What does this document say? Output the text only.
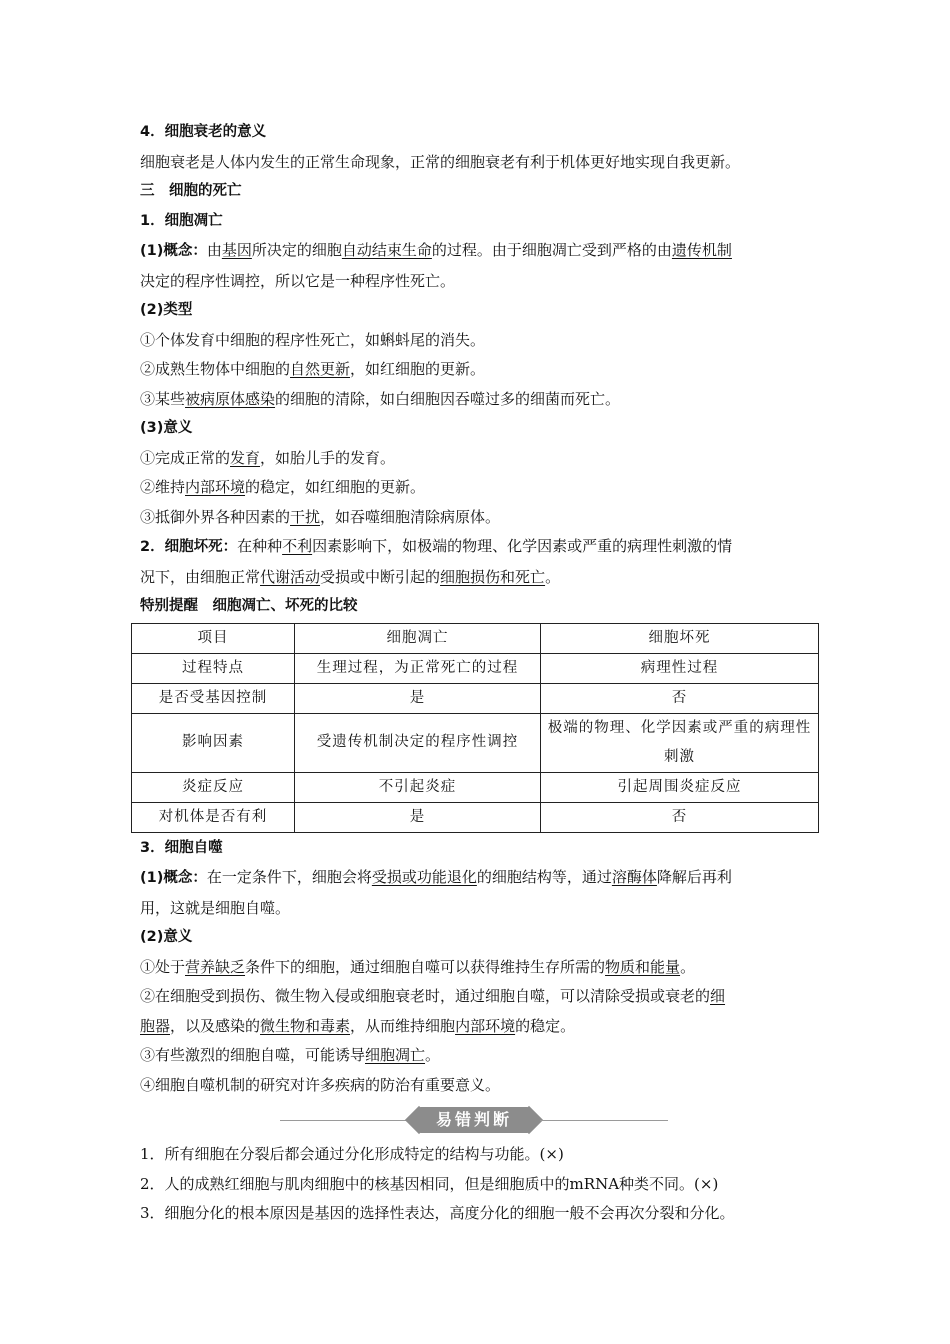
4．细胞衰老的意义
细胞衰老是人体内发生的正常生命现象，正常的细胞衰老有利于机体更好地实现自我更新。
三　细胞的死亡
1．细胞凋亡
(1)概念：由基因所决定的细胞自动结束生命的过程。由于细胞凋亡受到严格的由遗传机制
决定的程序性调控，所以它是一种程序性死亡。
(2)类型
①个体发育中细胞的程序性死亡，如蝌蚪尾的消失。
②成熟生物体中细胞的自然更新，如红细胞的更新。
③某些被病原体感染的细胞的清除，如白细胞因吞噬过多的细菌而死亡。
(3)意义
①完成正常的发育，如胎儿手的发育。
②维持内部环境的稳定，如红细胞的更新。
③抵御外界各种因素的干扰，如吞噬细胞清除病原体。
2．细胞坏死：在种种不利因素影响下，如极端的物理、化学因素或严重的病理性刺激的情
况下，由细胞正常代谢活动受损或中断引起的细胞损伤和死亡。
特别提醒　细胞凋亡、坏死的比较
项目	细胞凋亡	细胞坏死
过程特点	生理过程，为正常死亡的过程	病理性过程
是否受基因控制	是	否
影响因素	受遗传机制决定的程序性调控	极端的物理、化学因素或严重的病理性刺激
炎症反应	不引起炎症	引起周围炎症反应
对机体是否有利	是	否
3．细胞自噬
(1)概念：在一定条件下，细胞会将受损或功能退化的细胞结构等，通过溶酶体降解后再利
用，这就是细胞自噬。
(2)意义
①处于营养缺乏条件下的细胞，通过细胞自噬可以获得维持生存所需的物质和能量。
②在细胞受到损伤、微生物入侵或细胞衰老时，通过细胞自噬，可以清除受损或衰老的细
胞器，以及感染的微生物和毒素，从而维持细胞内部环境的稳定。
③有些激烈的细胞自噬，可能诱导细胞凋亡。
④细胞自噬机制的研究对许多疾病的防治有重要意义。
易错判断
1．所有细胞在分裂后都会通过分化形成特定的结构与功能。(×)
2．人的成熟红细胞与肌肉细胞中的核基因相同，但是细胞质中的mRNA种类不同。(×)
3．细胞分化的根本原因是基因的选择性表达，高度分化的细胞一般不会再次分裂和分化。
